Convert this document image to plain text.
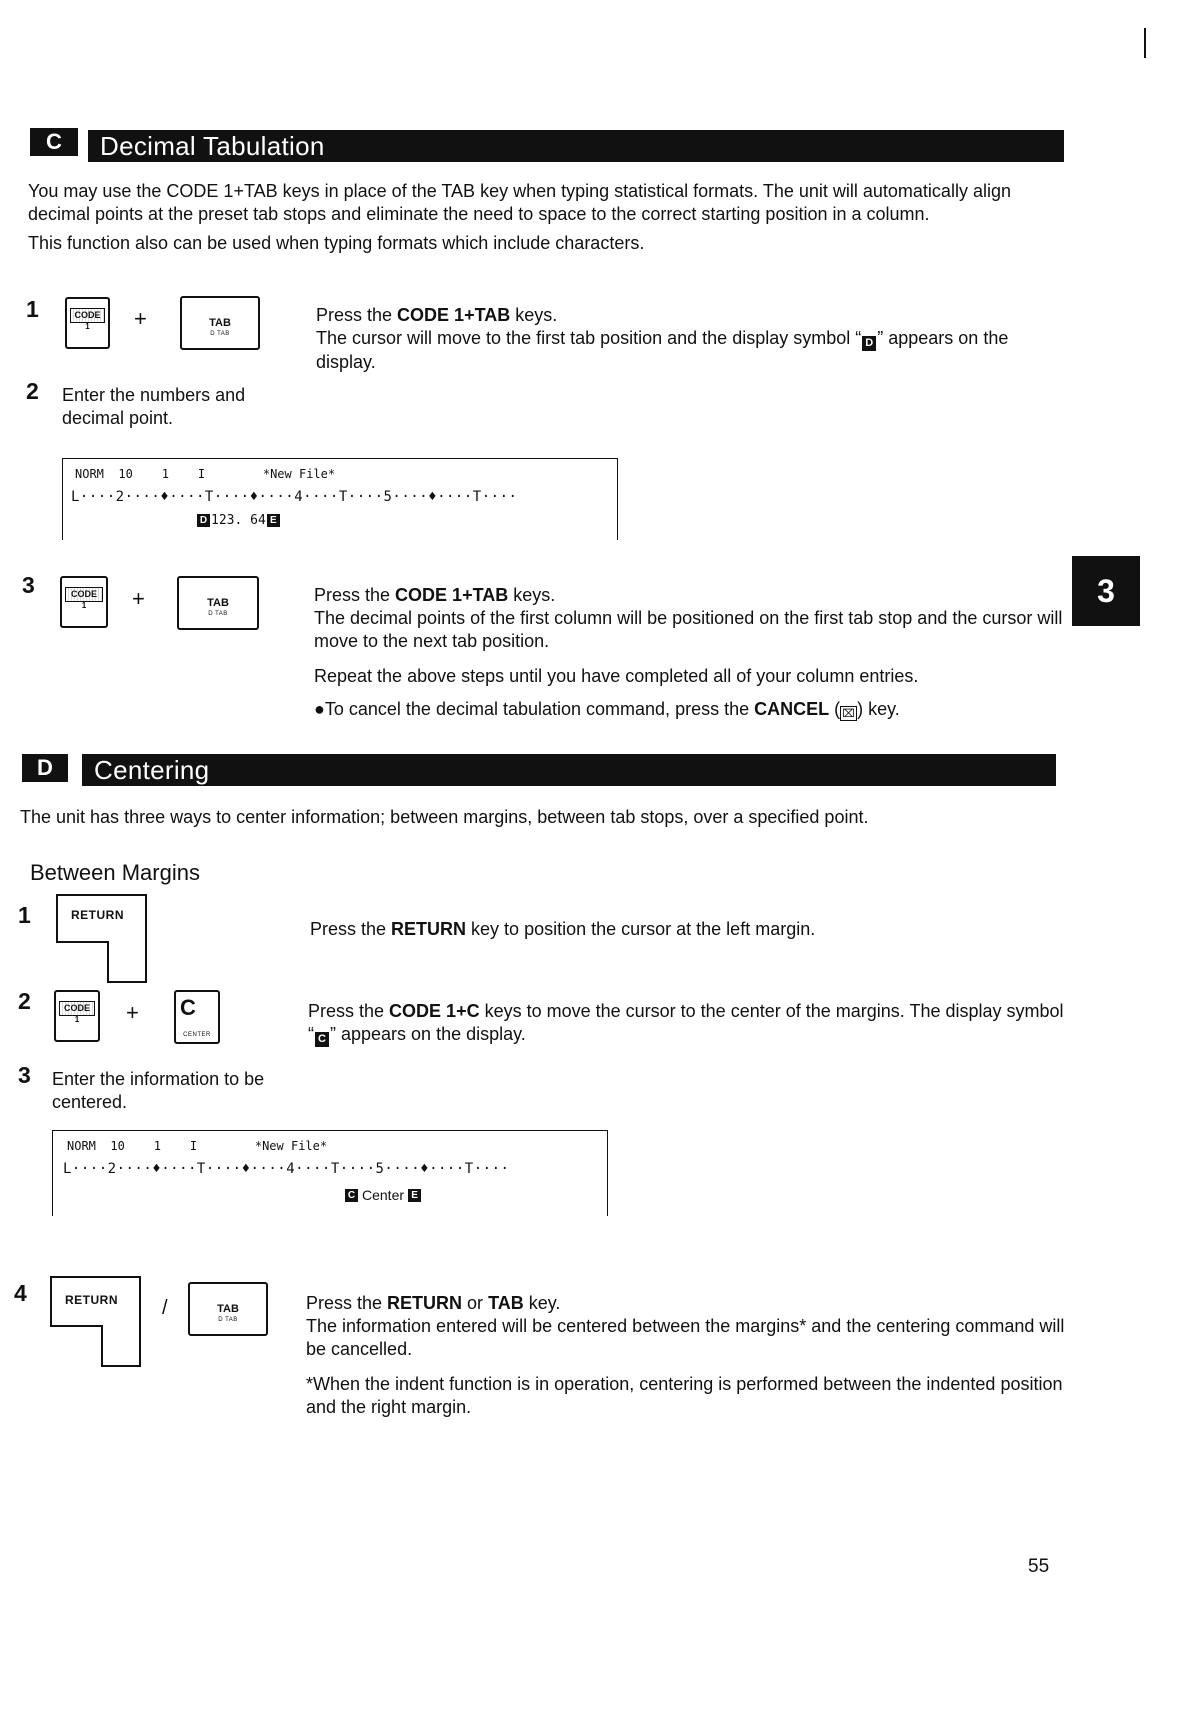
C	Decimal Tabulation

You may use the CODE 1+TAB keys in place of the TAB key when typing statistical formats. The unit will automatically align decimal points at the preset tab stops and eliminate the need to space to the correct starting position in a column.

This function also can be used when typing formats which include characters.

1	CODE
1	+	TAB
D TAB

Press the CODE 1+TAB keys.

The cursor will move to the first tab position and the display symbol “ D ” appears on the display.

2 Enter the numbers and decimal point.
NORM  10    1    I        *New File*
L····2····♦····T····♦····4····T····5····♦····T····
D 123. 64 E
3	CODE
1	+	TAB
D TAB

Press the CODE 1+TAB keys.

The decimal points of the first column will be positioned on the first tab stop and the cursor will move to the next tab position.

Repeat the above steps until you have completed all of your column entries.

●To cancel the decimal tabulation command, press the CANCEL ( ⌧ ) key.

3
D	Centering
The unit has three ways to center information; between margins, between tab stops, over a specified point.
Between Margins
1	RETURN
Press the RETURN key to position the cursor at the left margin.
2	CODE
1	+ C
CENTER
Press the CODE 1+C keys to move the cursor to the center of the margins. The display symbol “ C ” appears on the display.
3 Enter the information to be centered.
NORM  10    1    I        *New File*
L····2····♦····T····♦····4····T····5····♦····T····
C Center E
4	RETURN /	TAB
D TAB

Press the RETURN or TAB key.

The information entered will be centered between the margins* and the centering command will be cancelled.

*When the indent function is in operation, centering is performed between the indented position and the right margin.

55
